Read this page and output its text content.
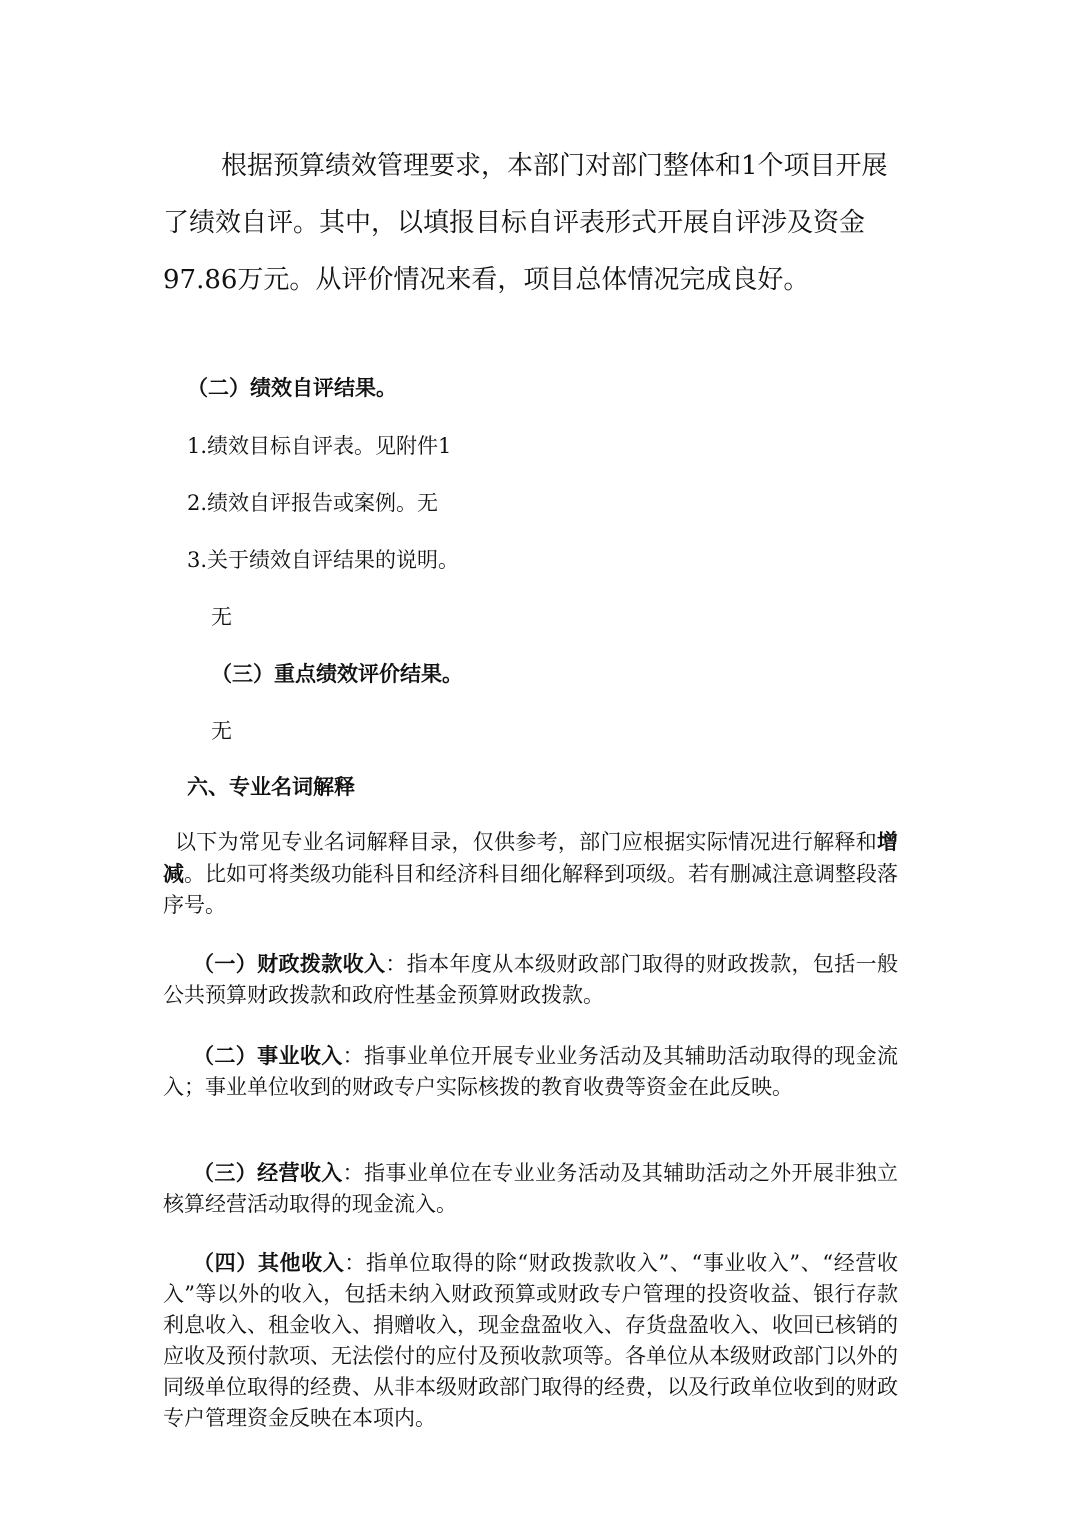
根据预算绩效管理要求，本部门对部门整体和1个项目开展了绩效自评。其中，以填报目标自评表形式开展自评涉及资金97.86万元。从评价情况来看，项目总体情况完成良好。

（二）绩效自评结果。

1.绩效目标自评表。见附件1

2.绩效自评报告或案例。无

3.关于绩效自评结果的说明。

无

（三）重点绩效评价结果。

无

六、专业名词解释

以下为常见专业名词解释目录，仅供参考，部门应根据实际情况进行解释和增减。比如可将类级功能科目和经济科目细化解释到项级。若有删减注意调整段落序号。

（一）财政拨款收入：指本年度从本级财政部门取得的财政拨款，包括一般公共预算财政拨款和政府性基金预算财政拨款。

（二）事业收入：指事业单位开展专业业务活动及其辅助活动取得的现金流入；事业单位收到的财政专户实际核拨的教育收费等资金在此反映。

（三）经营收入：指事业单位在专业业务活动及其辅助活动之外开展非独立核算经营活动取得的现金流入。

（四）其他收入：指单位取得的除“财政拨款收入”、“事业收入”、“经营收入”等以外的收入，包括未纳入财政预算或财政专户管理的投资收益、银行存款利息收入、租金收入、捐赠收入，现金盘盈收入、存货盘盈收入、收回已核销的应收及预付款项、无法偿付的应付及预收款项等。各单位从本级财政部门以外的同级单位取得的经费、从非本级财政部门取得的经费，以及行政单位收到的财政专户管理资金反映在本项内。
